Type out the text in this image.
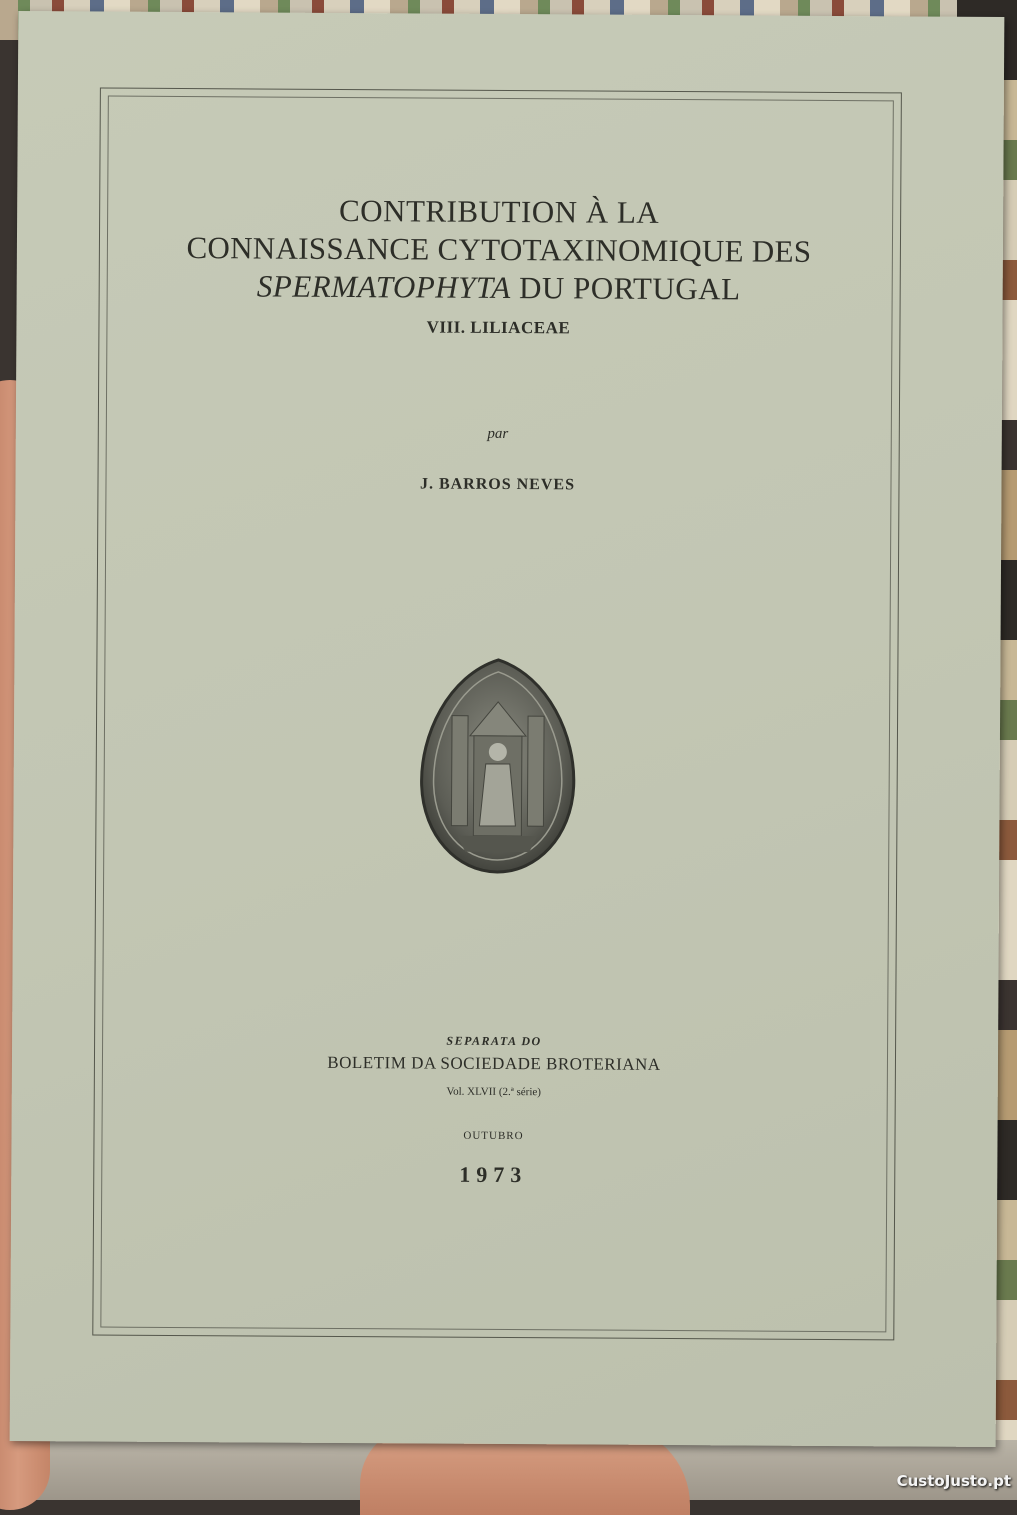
CONTRIBUTION À LA
CONNAISSANCE CYTOTAXINOMIQUE DES
SPERMATOPHYTA DU PORTUGAL
VIII. LILIACEAE
par
J. BARROS NEVES
SEPARATA DO
BOLETIM DA SOCIEDADE BROTERIANA
Vol. XLVII (2.ª série)
OUTUBRO
1973
CustoJusto.pt
